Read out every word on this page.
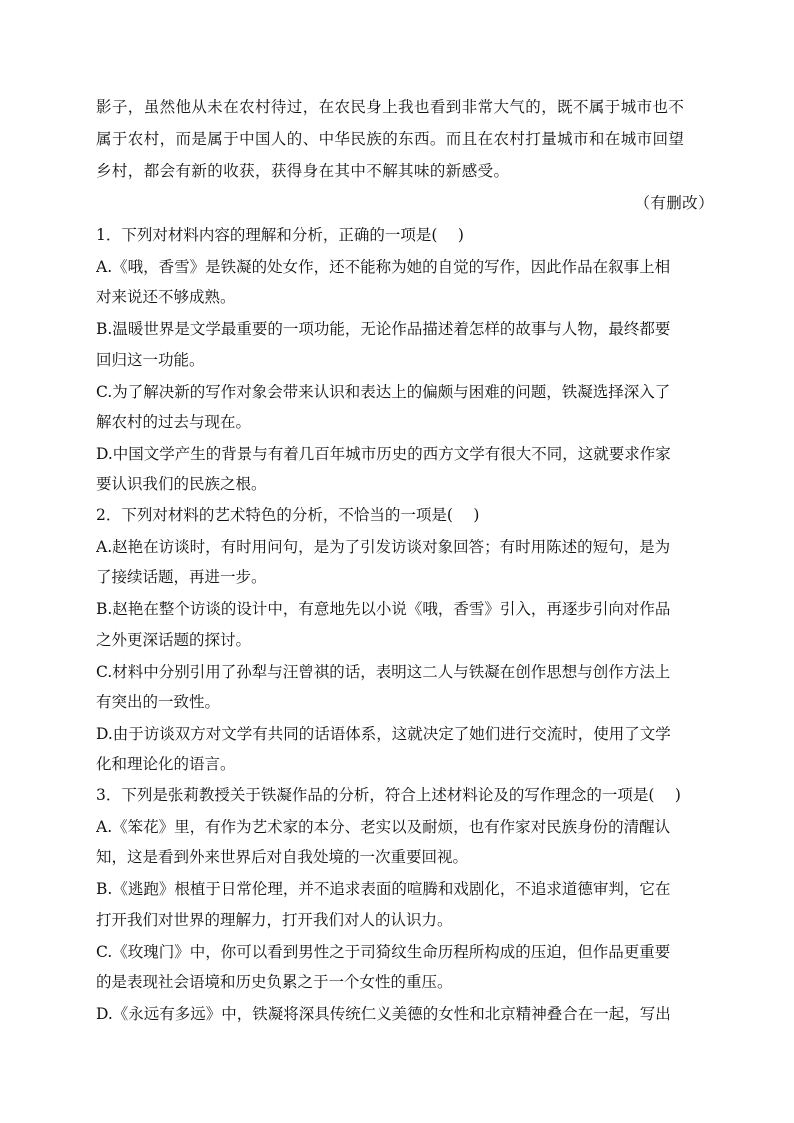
影子，虽然他从未在农村待过，在农民身上我也看到非常大气的，既不属于城市也不
属于农村，而是属于中国人的、中华民族的东西。而且在农村打量城市和在城市回望
乡村，都会有新的收获，获得身在其中不解其味的新感受。
（有删改）
1．下列对材料内容的理解和分析，正确的一项是(　 )
A.《哦，香雪》是铁凝的处女作，还不能称为她的自觉的写作，因此作品在叙事上相
对来说还不够成熟。
B.温暖世界是文学最重要的一项功能，无论作品描述着怎样的故事与人物，最终都要
回归这一功能。
C.为了解决新的写作对象会带来认识和表达上的偏颇与困难的问题，铁凝选择深入了
解农村的过去与现在。
D.中国文学产生的背景与有着几百年城市历史的西方文学有很大不同，这就要求作家
要认识我们的民族之根。
2．下列对材料的艺术特色的分析，不恰当的一项是(　 )
A.赵艳在访谈时，有时用问句，是为了引发访谈对象回答；有时用陈述的短句，是为
了接续话题，再进一步。
B.赵艳在整个访谈的设计中，有意地先以小说《哦，香雪》引入，再逐步引向对作品
之外更深话题的探讨。
C.材料中分别引用了孙犁与汪曾祺的话，表明这二人与铁凝在创作思想与创作方法上
有突出的一致性。
D.由于访谈双方对文学有共同的话语体系，这就决定了她们进行交流时，使用了文学
化和理论化的语言。
3．下列是张莉教授关于铁凝作品的分析，符合上述材料论及的写作理念的一项是(　 )
A.《笨花》里，有作为艺术家的本分、老实以及耐烦，也有作家对民族身份的清醒认
知，这是看到外来世界后对自我处境的一次重要回视。
B.《逃跑》根植于日常伦理，并不追求表面的喧腾和戏剧化，不追求道德审判，它在
打开我们对世界的理解力，打开我们对人的认识力。
C.《玫瑰门》中，你可以看到男性之于司猗纹生命历程所构成的压迫，但作品更重要
的是表现社会语境和历史负累之于一个女性的重压。
D.《永远有多远》中，铁凝将深具传统仁义美德的女性和北京精神叠合在一起，写出
